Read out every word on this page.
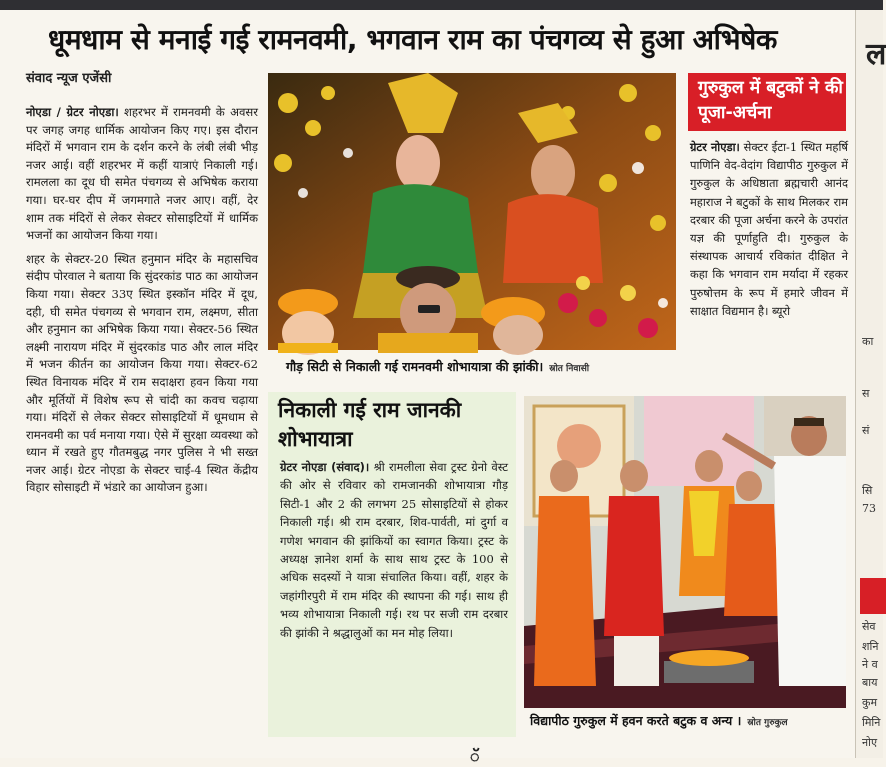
ल
का
स
सं
सि
73
सेव
शनि
ने व
बाय
कुम
मिनि
नोए
धूमधाम से मनाई गई रामनवमी, भगवान राम का पंचगव्य से हुआ अभिषेक
संवाद न्यूज एजेंसी

नोएडा / ग्रेटर नोएडा। शहरभर में रामनवमी के अवसर पर जगह जगह धार्मिक आयोजन किए गए। इस दौरान मंदिरों में भगवान राम के दर्शन करने के लंबी लंबी भीड़ नजर आई। वहीं शहरभर में कहीं यात्राएं निकाली गई। रामलला का दूध घी समेत पंचगव्य से अभिषेक कराया गया। घर-घर दीप में जगमगाते नजर आए। वहीं, देर शाम तक मंदिरों से लेकर सेक्टर सोसाइटियों में धार्मिक भजनों का आयोजन किया गया।

शहर के सेक्टर-20 स्थित हनुमान मंदिर के महासचिव संदीप पोरवाल ने बताया कि सुंदरकांड पाठ का आयोजन किया गया। सेक्टर 33ए स्थित इस्कॉन मंदिर में दूध, दही, घी समेत पंचगव्य से भगवान राम, लक्ष्मण, सीता और हनुमान का अभिषेक किया गया। सेक्टर-56 स्थित लक्ष्मी नारायण मंदिर में सुंदरकांड पाठ और लाल मंदिर में भजन कीर्तन का आयोजन किया गया। सेक्टर-62 स्थित विनायक मंदिर में राम सदाक्षरा हवन किया गया और मूर्तियों में विशेष रूप से चांदी का कवच चढ़ाया गया। मंदिरों से लेकर सेक्टर सोसाइटियों में धूमधाम से रामनवमी का पर्व मनाया गया। ऐसे में सुरक्षा व्यवस्था को ध्यान में रखते हुए गौतमबुद्ध नगर पुलिस ने भी सख्त नजर आई। ग्रेटर नोएडा के सेक्टर चाई-4 स्थित केंद्रीय विहार सोसाइटी में भंडारे का आयोजन हुआ।

गौड़ सिटी से निकाली गई रामनवमी शोभायात्रा की झांकी। स्रोत निवासी
गुरुकुल में बटुकों ने की पूजा-अर्चना
ग्रेटर नोएडा। सेक्टर ईटा-1 स्थित महर्षि पाणिनि वेद-वेदांग विद्यापीठ गुरुकुल में गुरुकुल के अधिष्ठाता ब्रह्मचारी आनंद महाराज ने बटुकों के साथ मिलकर राम दरबार की पूजा अर्चना करने के उपरांत यज्ञ की पूर्णाहुति दी। गुरुकुल के संस्थापक आचार्य रविकांत दीक्षित ने कहा कि भगवान राम मर्यादा में रहकर पुरुषोत्तम के रूप में हमारे जीवन में साक्षात विद्यमान है। ब्यूरो
निकाली गई राम जानकी शोभायात्रा
ग्रेटर नोएडा (संवाद)। श्री रामलीला सेवा ट्रस्ट ग्रेनो वेस्ट की ओर से रविवार को रामजानकी शोभायात्रा गौड़ सिटी-1 और 2 की लगभग 25 सोसाइटियों से होकर निकाली गई। श्री राम दरबार, शिव-पार्वती, मां दुर्गा व गणेश भगवान की झांकियों का स्वागत किया। ट्रस्ट के अध्यक्ष ज्ञानेश शर्मा के साथ साथ ट्रस्ट के 100 से अधिक सदस्यों ने यात्रा संचालित किया। वहीं, शहर के जहांगीरपुरी में राम मंदिर की स्थापना की गई। साथ ही भव्य शोभायात्रा निकाली गई। रथ पर सजी राम दरबार की झांकी ने श्रद्धालुओं का मन मोह लिया।
विद्यापीठ गुरुकुल में हवन करते बटुक व अन्य । स्रोत गुरुकुल
ॅ
